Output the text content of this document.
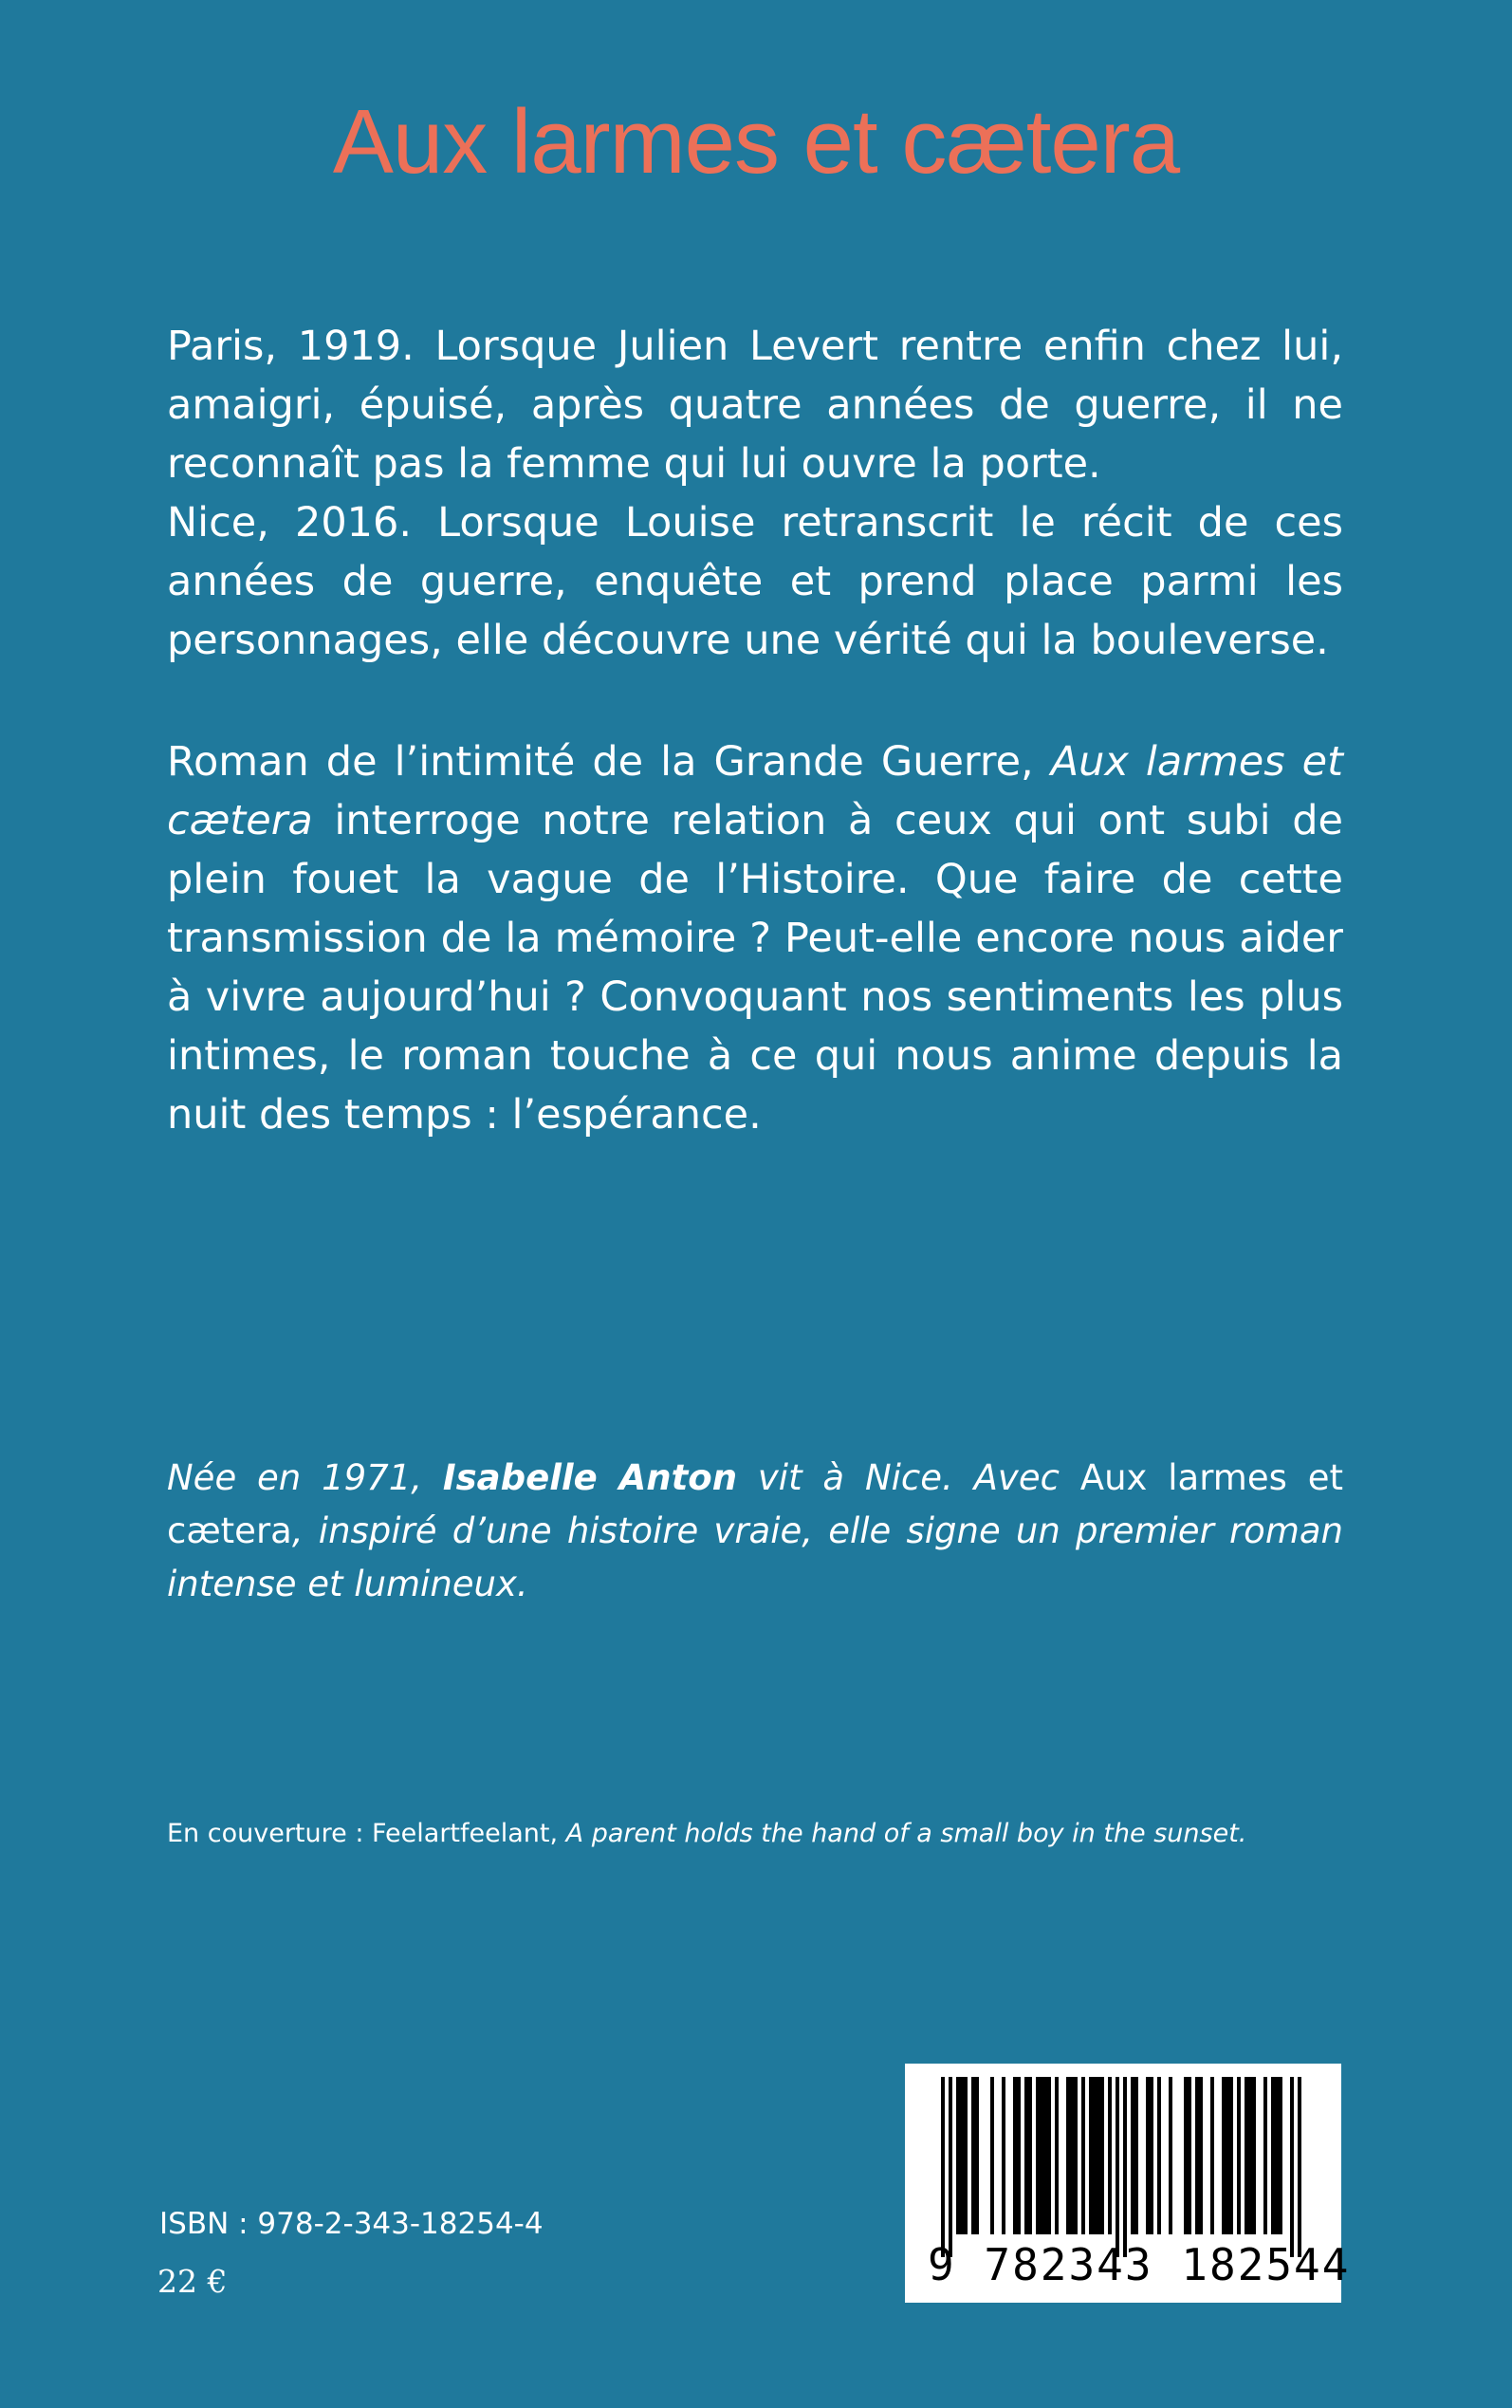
Aux larmes et cætera

Paris, 1919. Lorsque Julien Levert rentre enfin chez lui, amaigri, épuisé, après quatre années de guerre, il ne reconnaît pas la femme qui lui ouvre la porte.

Nice, 2016. Lorsque Louise retranscrit le récit de ces années de guerre, enquête et prend place parmi les personnages, elle découvre une vérité qui la bouleverse.

Roman de l’intimité de la Grande Guerre, Aux larmes et cætera interroge notre relation à ceux qui ont subi de plein fouet la vague de l’Histoire. Que faire de cette transmission de la mémoire ? Peut-elle encore nous aider à vivre aujourd’hui ? Convoquant nos sentiments les plus intimes, le roman touche à ce qui nous anime depuis la nuit des temps : l’espérance.

Née en 1971, Isabelle Anton vit à Nice. Avec Aux larmes et cætera, inspiré d’une histoire vraie, elle signe un premier roman intense et lumineux.
En couverture : Feelartfeelant, A parent holds the hand of a small boy in the sunset.
ISBN : 978-2-343-18254-4
22 €	9 782343 182544
